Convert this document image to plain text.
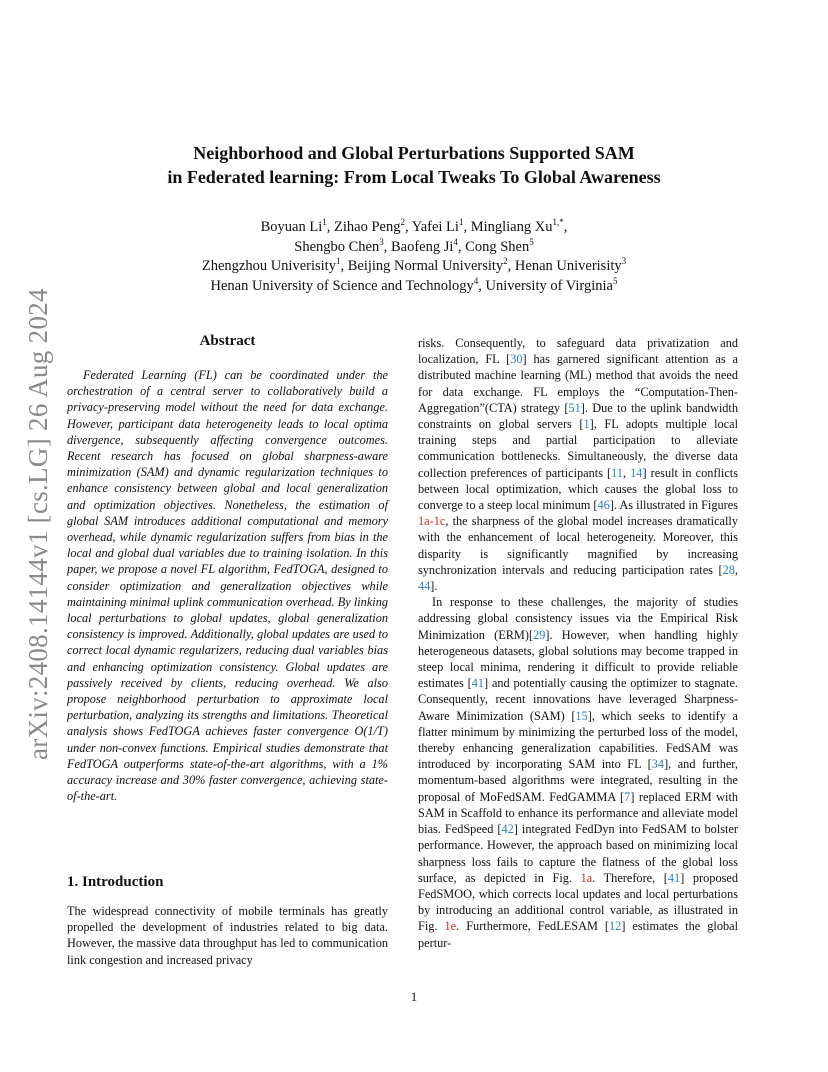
arXiv:2408.14144v1 [cs.LG] 26 Aug 2024
Neighborhood and Global Perturbations Supported SAM
in Federated learning: From Local Tweaks To Global Awareness
Boyuan Li$^1$, Zihao Peng$^2$, Yafei Li$^1$, Mingliang $Xu^{1,*}$,
Shengbo Chen$^3$, Baofeng Ji$^4$, Cong Shen$^5$
Zhengzhou Univerisity$^1$, Beijing Normal University$^2$, Henan Univerisity$^3$
Henan University of Science and Technology$^4$, University of Virginia$^5$
Abstract

Federated Learning (FL) can be coordinated under the orchestration of a central server to collaboratively build a privacy-preserving model without the need for data exchange. However, participant data heterogeneity leads to local optima divergence, subsequently affecting convergence outcomes. Recent research has focused on global sharpness-aware minimization (SAM) and dynamic regularization techniques to enhance consistency between global and local generalization and optimization objectives. Nonetheless, the estimation of global SAM introduces additional computational and memory overhead, while dynamic regularization suffers from bias in the local and global dual variables due to training isolation. In this paper, we propose a novel FL algorithm, FedTOGA, designed to consider optimization and generalization objectives while maintaining minimal uplink communication overhead. By linking local perturbations to global updates, global generalization consistency is improved. Additionally, global updates are used to correct local dynamic regularizers, reducing dual variables bias and enhancing optimization consistency. Global updates are passively received by clients, reducing overhead. We also propose neighborhood perturbation to approximate local perturbation, analyzing its strengths and limitations. Theoretical analysis shows FedTOGA achieves faster convergence O(1/T) under non-convex functions. Empirical studies demonstrate that FedTOGA outperforms state-of-the-art algorithms, with a 1% accuracy increase and 30% faster convergence, achieving state-of-the-art.

1. Introduction

The widespread connectivity of mobile terminals has greatly propelled the development of industries related to big data. However, the massive data throughput has led to communication link congestion and increased privacy

risks. Consequently, to safeguard data privatization and localization, FL [30] has garnered significant attention as a distributed machine learning (ML) method that avoids the need for data exchange. FL employs the “Computation-Then-Aggregation”(CTA) strategy [51]. Due to the uplink bandwidth constraints on global servers [1], FL adopts multiple local training steps and partial participation to alleviate communication bottlenecks. Simultaneously, the diverse data collection preferences of participants [11, 14] result in conflicts between local optimization, which causes the global loss to converge to a steep local minimum [46]. As illustrated in Figures 1a-1c, the sharpness of the global model increases dramatically with the enhancement of local heterogeneity. Moreover, this disparity is significantly magnified by increasing synchronization intervals and reducing participation rates [28, 44].

In response to these challenges, the majority of studies addressing global consistency issues via the Empirical Risk Minimization (ERM)[29]. However, when handling highly heterogeneous datasets, global solutions may become trapped in steep local minima, rendering it difficult to provide reliable estimates [41] and potentially causing the optimizer to stagnate. Consequently, recent innovations have leveraged Sharpness-Aware Minimization (SAM) [15], which seeks to identify a flatter minimum by minimizing the perturbed loss of the model, thereby enhancing generalization capabilities. FedSAM was introduced by incorporating SAM into FL [34], and further, momentum-based algorithms were integrated, resulting in the proposal of MoFedSAM. FedGAMMA [7] replaced ERM with SAM in Scaffold to enhance its performance and alleviate model bias. FedSpeed [42] integrated FedDyn into FedSAM to bolster performance. However, the approach based on minimizing local sharpness loss fails to capture the flatness of the global loss surface, as depicted in Fig. 1a. Therefore, [41] proposed FedSMOO, which corrects local updates and local perturbations by introducing an additional control variable, as illustrated in Fig. 1e. Furthermore, FedLESAM [12] estimates the global pertur-

1
